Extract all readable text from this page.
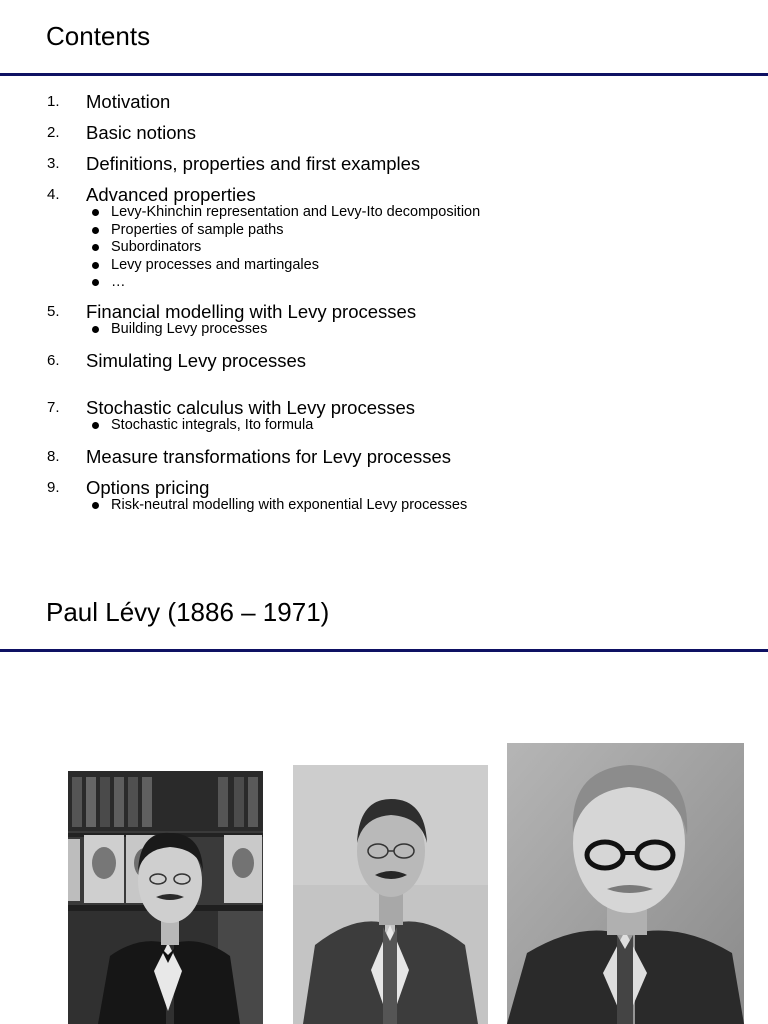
Contents
1. Motivation
2. Basic notions
3. Definitions, properties and first examples
4. Advanced properties
Levy-Khinchin representation and Levy-Ito decomposition
Properties of sample paths
Subordinators
Levy processes and martingales
…
5. Financial modelling with Levy processes
Building Levy processes
6. Simulating Levy processes
7. Stochastic calculus with Levy processes
Stochastic integrals, Ito formula
8. Measure transformations for Levy processes
9. Options pricing
Risk-neutral modelling with exponential Levy processes
Paul Lévy (1886 – 1971)
